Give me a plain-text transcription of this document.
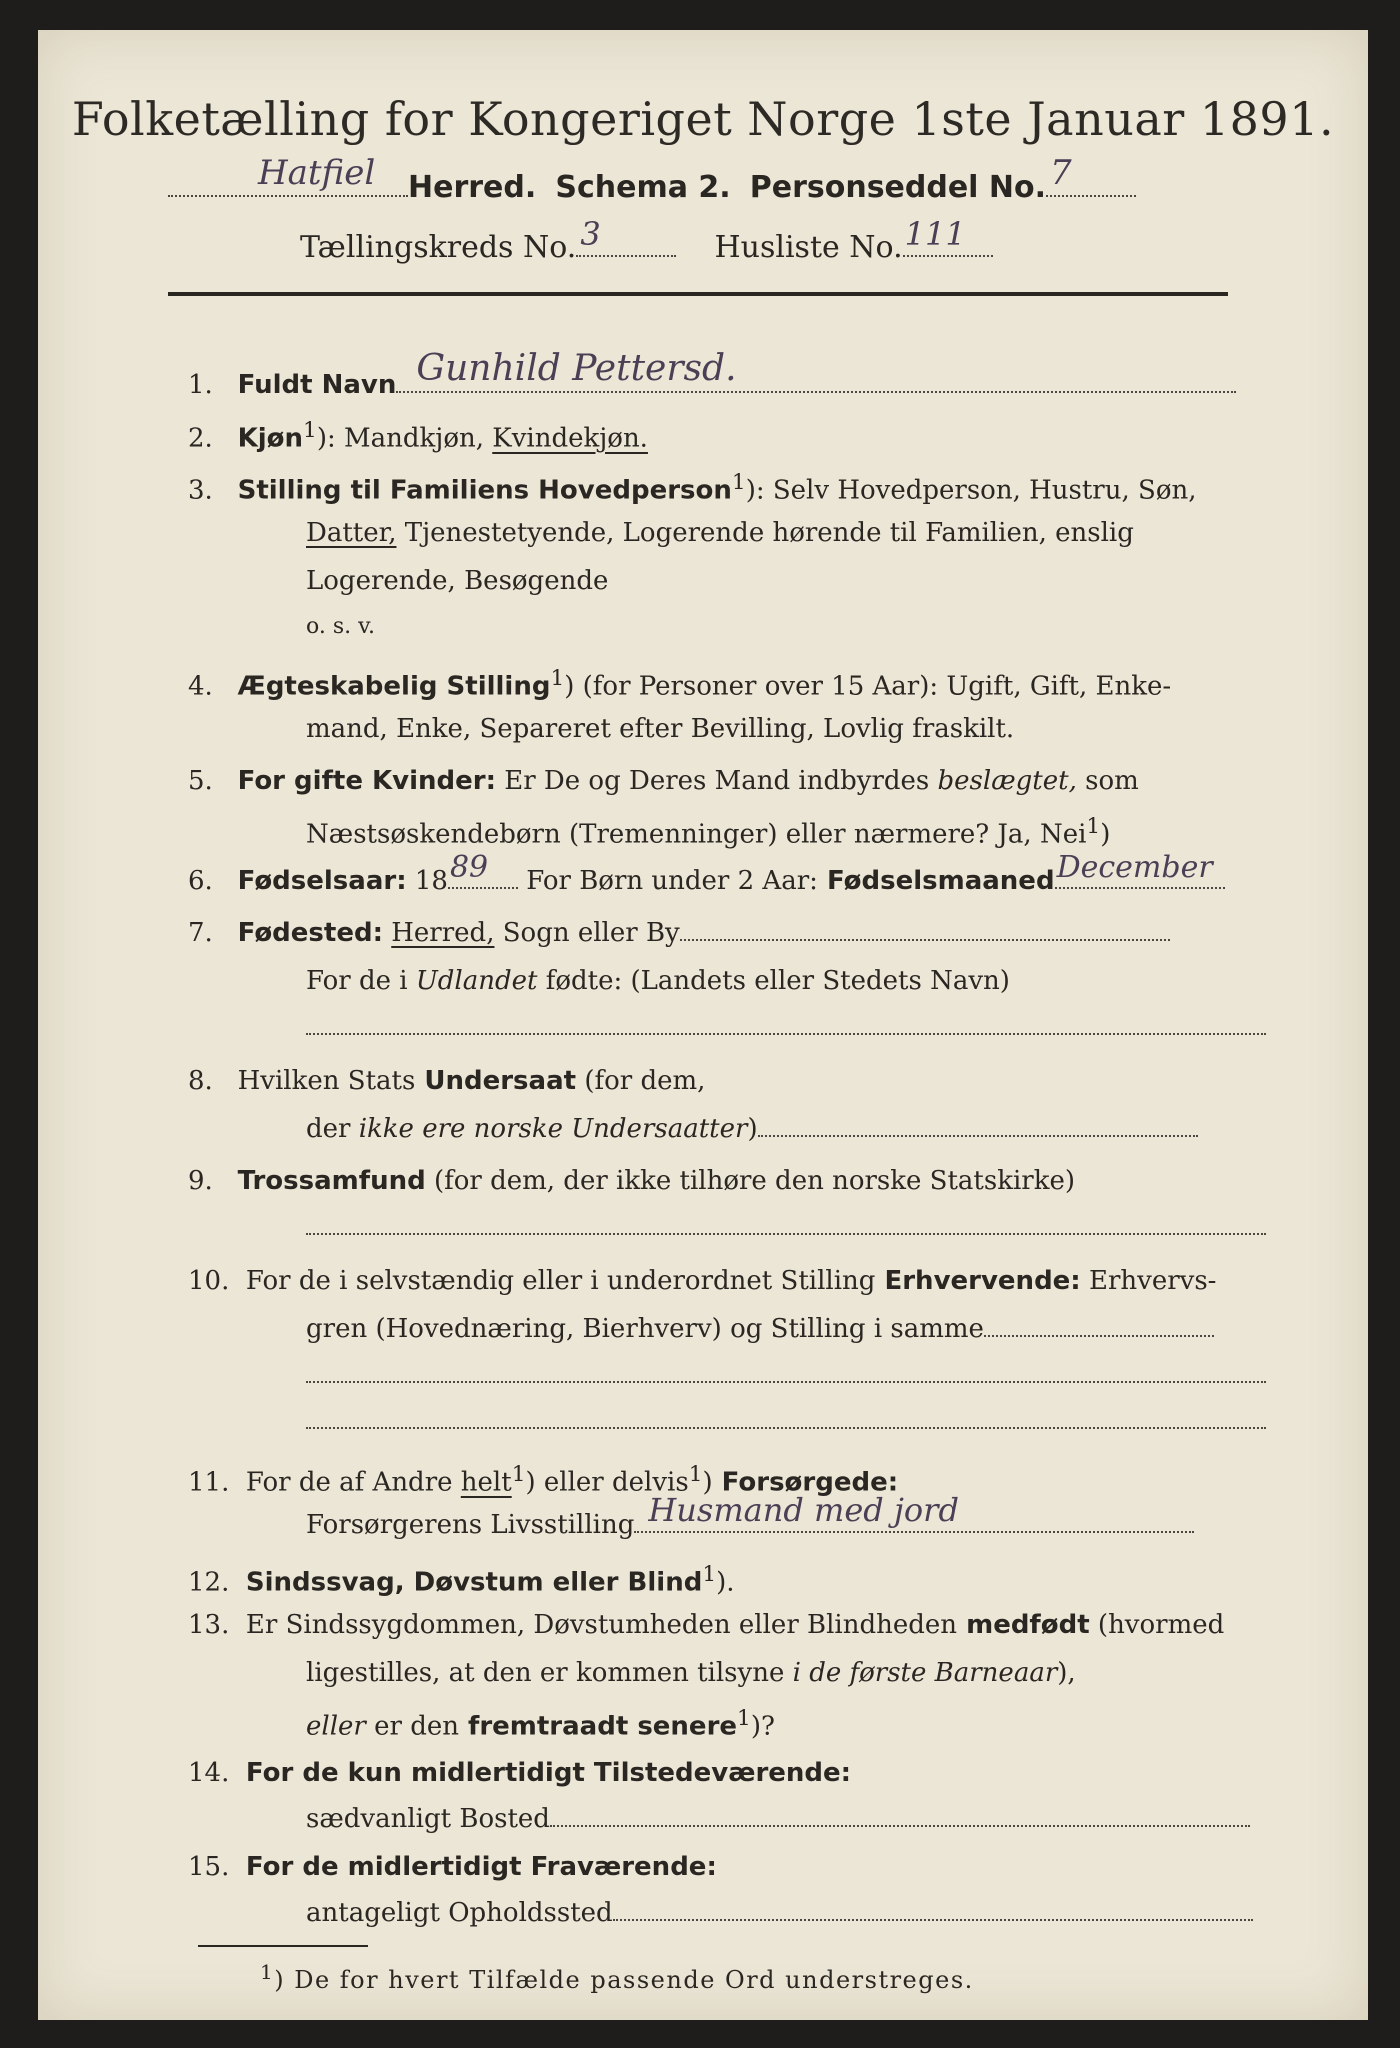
Folketælling for Kongeriget Norge 1ste Januar 1891.
Hatfiel Herred. Schema 2. Personseddel No. 7
Tællingskreds No. 3	Husliste No. 111
1. Fuldt Navn Gunhild Pettersd.
2. Kjøn$^1$): Mandkjøn, Kvindekjøn.
3. Stilling til Familiens Hovedperson$^1$): Selv Hovedperson, Hustru, Søn,
Datter, Tjenestetyende, Logerende hørende til Familien, enslig
Logerende, Besøgende
o. s. v.
4. Ægteskabelig Stilling$^1$) (for Personer over 15 Aar): Ugift, Gift, Enke-
mand, Enke, Separeret efter Bevilling, Lovlig fraskilt.
5. For gifte Kvinder: Er De og Deres Mand indbyrdes beslægtet, som
Næstsøskendebørn (Tremenninger) eller nærmere? Ja, Nei$^1$)
6. Fødselsaar: 18 89 For Børn under 2 Aar: Fødselsmaaned December
7. Fødested: Herred, Sogn eller By
For de i Udlandet fødte: (Landets eller Stedets Navn)
8. Hvilken Stats Undersaat (for dem,
der ikke ere norske Undersaatter)
9. Trossamfund (for dem, der ikke tilhøre den norske Statskirke)
10. For de i selvstændig eller i underordnet Stilling Erhvervende: Erhvervs-
gren (Hovednæring, Bierhverv) og Stilling i samme
11. For de af Andre helt$^1$) eller delvis$^1$) Forsørgede:
Forsørgerens Livsstilling Husmand med jord
12. Sindssvag, Døvstum eller Blind$^1$).
13. Er Sindssygdommen, Døvstumheden eller Blindheden medfødt (hvormed
ligestilles, at den er kommen tilsyne i de første Barneaar),
eller er den fremtraadt senere$^1$)?
14. For de kun midlertidigt Tilstedeværende:
sædvanligt Bosted
15. For de midlertidigt Fraværende:
antageligt Opholdssted
$^1$) De for hvert Tilfælde passende Ord understreges.
